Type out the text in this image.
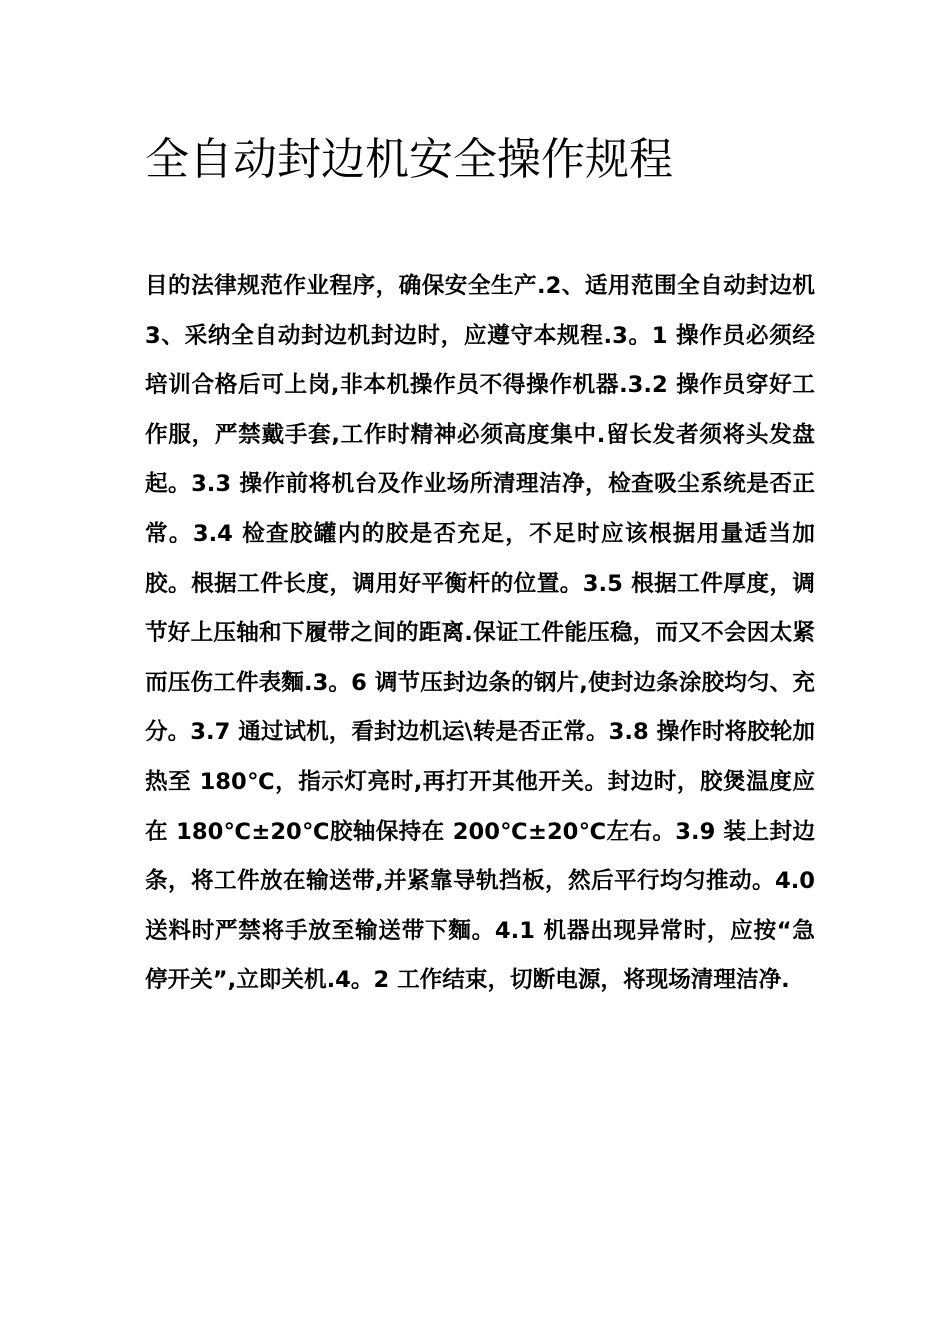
全自动封边机安全操作规程

目的法律规范作业程序，确保安全生产.2、适用范围全自动封边机 3、采纳全自动封边机封边时，应遵守本规程.3。1 操作员必须经培训合格后可上岗,非本机操作员不得操作机器.3.2 操作员穿好工作服，严禁戴手套,工作时精神必须高度集中.留长发者须将头发盘起。3.3 操作前将机台及作业场所清理洁净，检查吸尘系统是否正常。3.4 检查胶罐内的胶是否充足，不足时应该根据用量适当加胶。根据工件长度，调用好平衡杆的位置。3.5 根据工件厚度，调节好上压轴和下履带之间的距离.保证工件能压稳，而又不会因太紧而压伤工件表麵.3。6 调节压封边条的钢片,使封边条涂胶均匀、充分。3.7 通过试机，看封边机运\转是否正常。3.8 操作时将胶轮加热至 180℃，指示灯亮时,再打开其他开关。封边时，胶煲温度应在 180℃±20℃胶轴保持在 200℃±20℃左右。3.9 装上封边条，将工件放在输送带,并紧靠导轨挡板，然后平行均匀推动。4.0 送料时严禁将手放至输送带下麵。4.1 机器出现异常时，应按“急停开关”,立即关机.4。2 工作结束，切断电源，将现场清理洁净.
